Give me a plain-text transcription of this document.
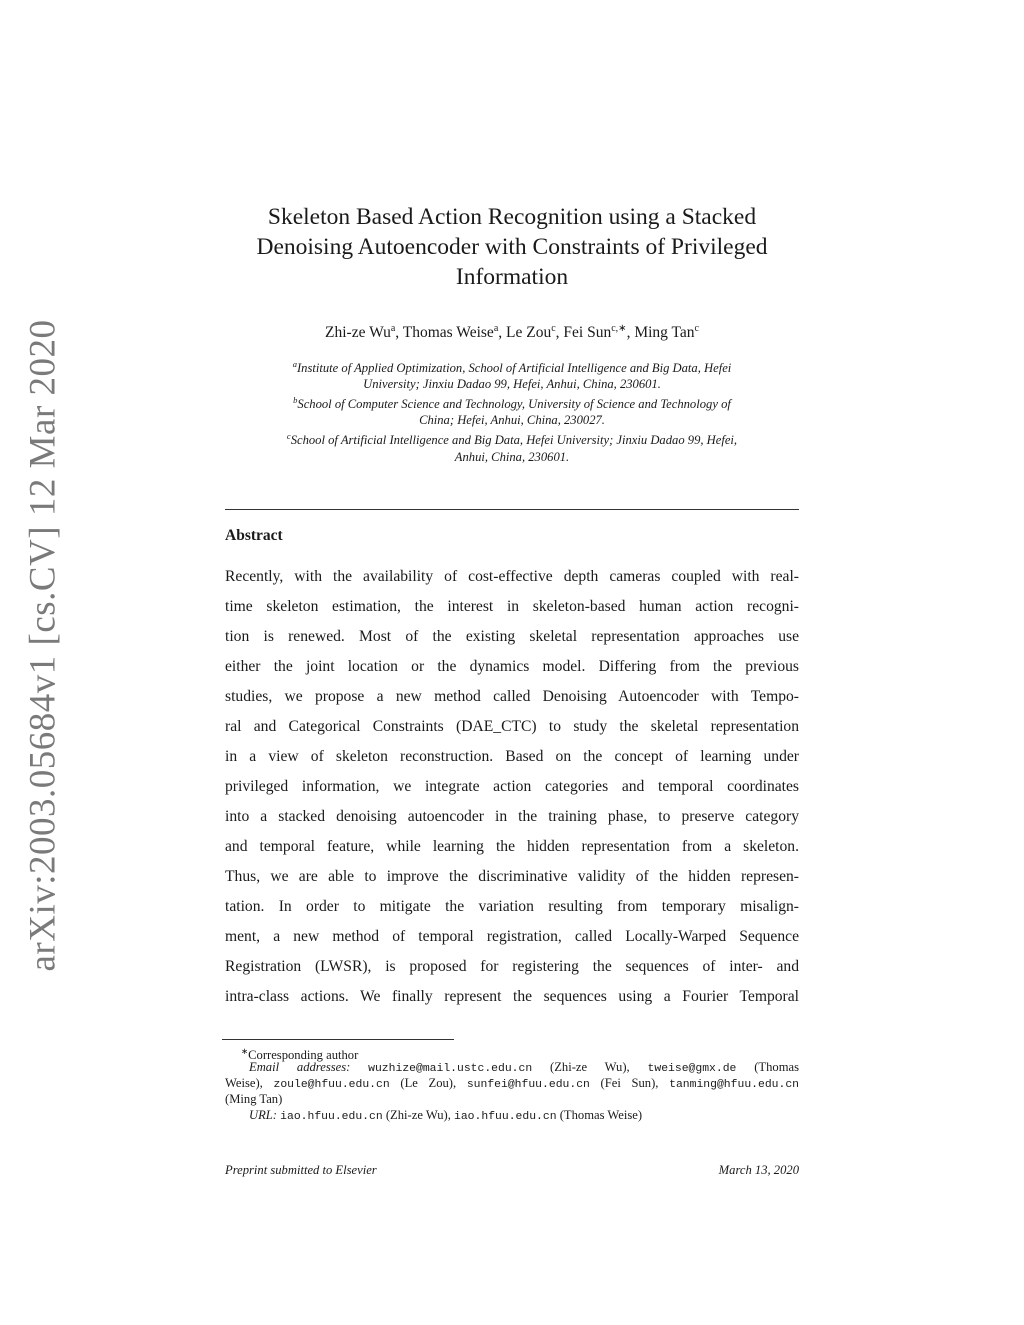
arXiv:2003.05684v1 [cs.CV] 12 Mar 2020
Skeleton Based Action Recognition using a Stacked
Denoising Autoencoder with Constraints of Privileged
Information
Zhi-ze Wu$^a$, Thomas Weise$^a$, Le Zou$^c$, Fei Sun$^{c,∗}$, Ming Tan$^c$
$^a$Institute of Applied Optimization, School of Artificial Intelligence and Big Data, Hefei
University; Jinxiu Dadao 99, Hefei, Anhui, China, 230601.
$^b$School of Computer Science and Technology, University of Science and Technology of
China; Hefei, Anhui, China, 230027.
$^c$School of Artificial Intelligence and Big Data, Hefei University; Jinxiu Dadao 99, Hefei,
Anhui, China, 230601.
Abstract
Recently, with the availability of cost-effective depth cameras coupled with real-
time skeleton estimation, the interest in skeleton-based human action recogni-
tion is renewed. Most of the existing skeletal representation approaches use
either the joint location or the dynamics model. Differing from the previous
studies, we propose a new method called Denoising Autoencoder with Tempo-
ral and Categorical Constraints (DAE_CTC) to study the skeletal representation
in a view of skeleton reconstruction. Based on the concept of learning under
privileged information, we integrate action categories and temporal coordinates
into a stacked denoising autoencoder in the training phase, to preserve category
and temporal feature, while learning the hidden representation from a skeleton.
Thus, we are able to improve the discriminative validity of the hidden represen-
tation. In order to mitigate the variation resulting from temporary misalign-
ment, a new method of temporal registration, called Locally-Warped Sequence
Registration (LWSR), is proposed for registering the sequences of inter- and
intra-class actions. We finally represent the sequences using a Fourier Temporal
∗Corresponding author
Email addresses: wuzhize@mail.ustc.edu.cn (Zhi-ze Wu), tweise@gmx.de (Thomas
Weise), zoule@hfuu.edu.cn (Le Zou), sunfei@hfuu.edu.cn (Fei Sun), tanming@hfuu.edu.cn
(Ming Tan)
URL: iao.hfuu.edu.cn (Zhi-ze Wu), iao.hfuu.edu.cn (Thomas Weise)
Preprint submitted to Elsevier	March 13, 2020
